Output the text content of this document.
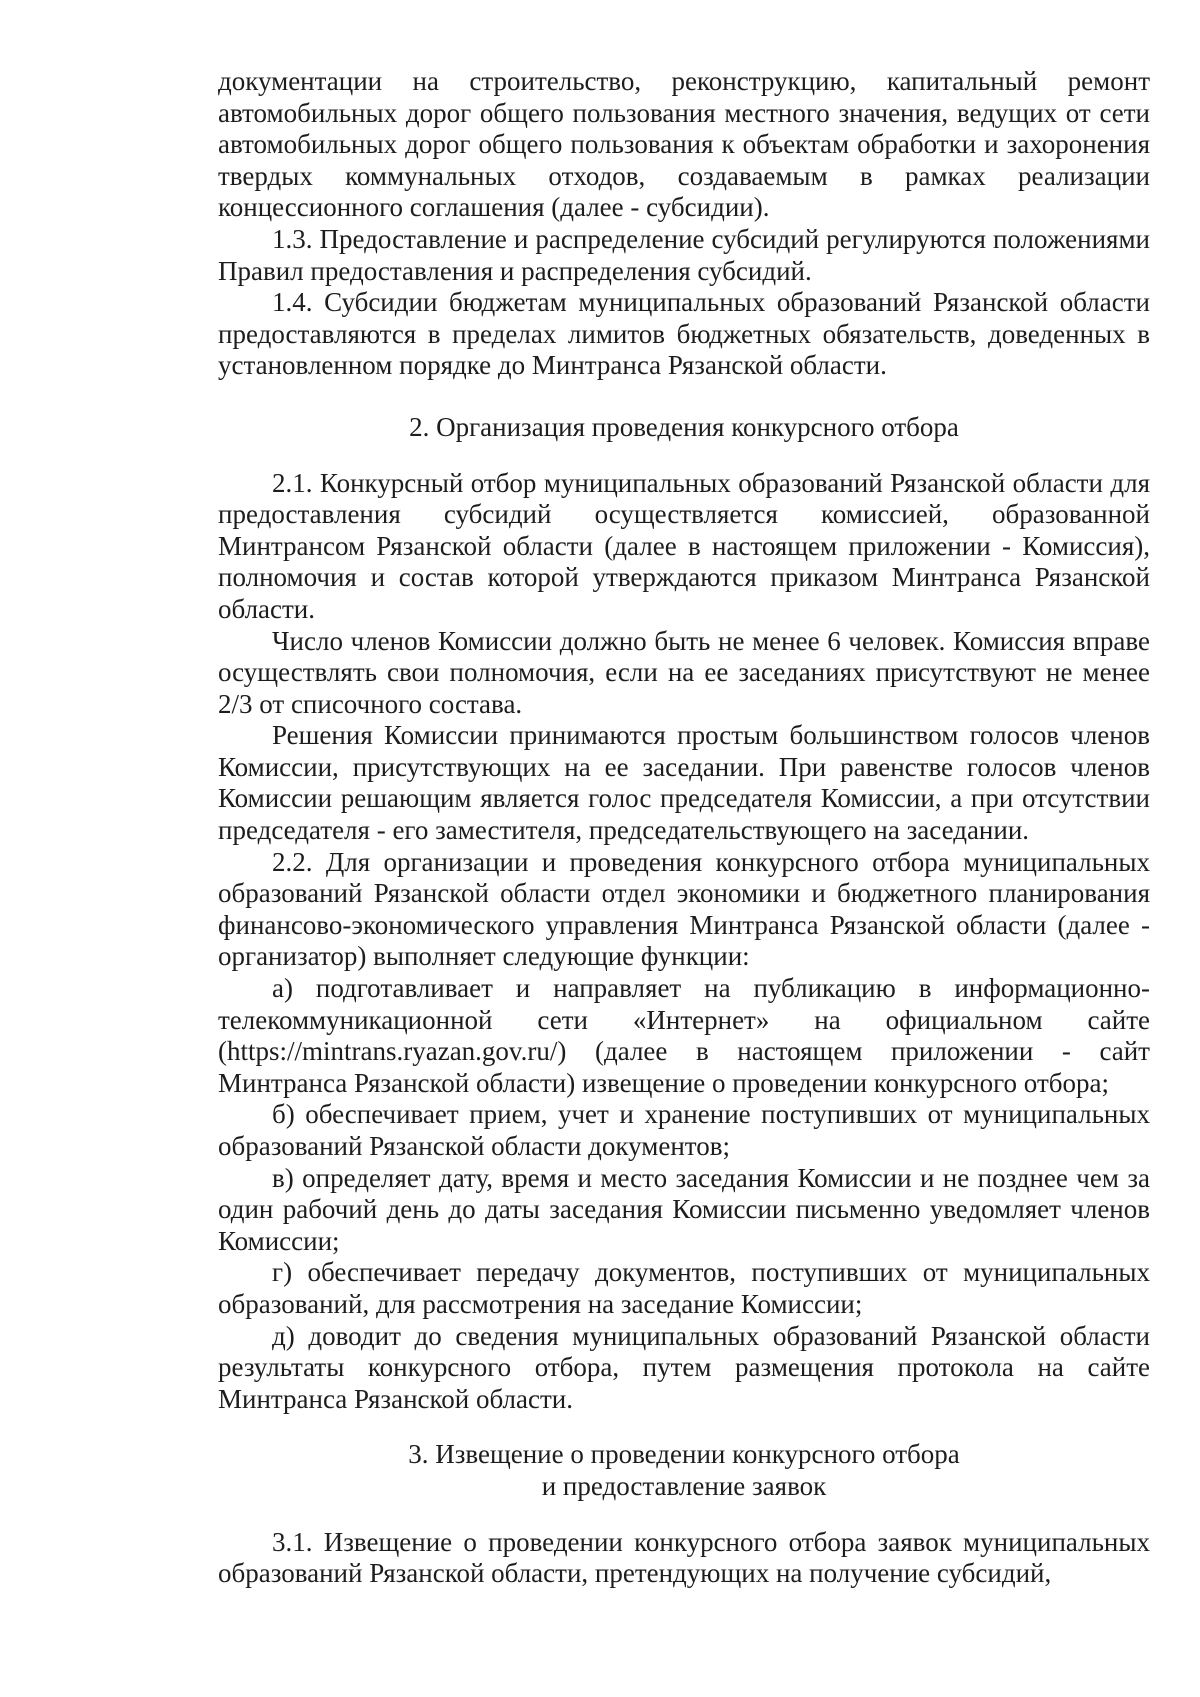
документации на строительство, реконструкцию, капитальный ремонт автомобильных дорог общего пользования местного значения, ведущих от сети автомобильных дорог общего пользования к объектам обработки и захоронения твердых коммунальных отходов, создаваемым в рамках реализации концессионного соглашения (далее - субсидии).

1.3. Предоставление и распределение субсидий регулируются положениями Правил предоставления и распределения субсидий.

1.4. Субсидии бюджетам муниципальных образований Рязанской области предоставляются в пределах лимитов бюджетных обязательств, доведенных в установленном порядке до Минтранса Рязанской области.

2. Организация проведения конкурсного отбора

2.1. Конкурсный отбор муниципальных образований Рязанской области для предоставления субсидий осуществляется комиссией, образованной Минтрансом Рязанской области (далее в настоящем приложении - Комиссия), полномочия и состав которой утверждаются приказом Минтранса Рязанской области.

Число членов Комиссии должно быть не менее 6 человек. Комиссия вправе осуществлять свои полномочия, если на ее заседаниях присутствуют не менее 2/3 от списочного состава.

Решения Комиссии принимаются простым большинством голосов членов Комиссии, присутствующих на ее заседании. При равенстве голосов членов Комиссии решающим является голос председателя Комиссии, а при отсутствии председателя - его заместителя, председательствующего на заседании.

2.2. Для организации и проведения конкурсного отбора муниципальных образований Рязанской области отдел экономики и бюджетного планирования финансово-экономического управления Минтранса Рязанской области (далее - организатор) выполняет следующие функции:

а) подготавливает и направляет на публикацию в информационно-телекоммуникационной сети «Интернет» на официальном сайте (https://mintrans.ryazan.gov.ru/) (далее в настоящем приложении - сайт Минтранса Рязанской области) извещение о проведении конкурсного отбора;

б) обеспечивает прием, учет и хранение поступивших от муниципальных образований Рязанской области документов;

в) определяет дату, время и место заседания Комиссии и не позднее чем за один рабочий день до даты заседания Комиссии письменно уведомляет членов Комиссии;

г) обеспечивает передачу документов, поступивших от муниципальных образований, для рассмотрения на заседание Комиссии;

д) доводит до сведения муниципальных образований Рязанской области результаты конкурсного отбора, путем размещения протокола на сайте Минтранса Рязанской области.

3. Извещение о проведении конкурсного отбора
и предоставление заявок

3.1. Извещение о проведении конкурсного отбора заявок муниципальных образований Рязанской области, претендующих на получение субсидий,
